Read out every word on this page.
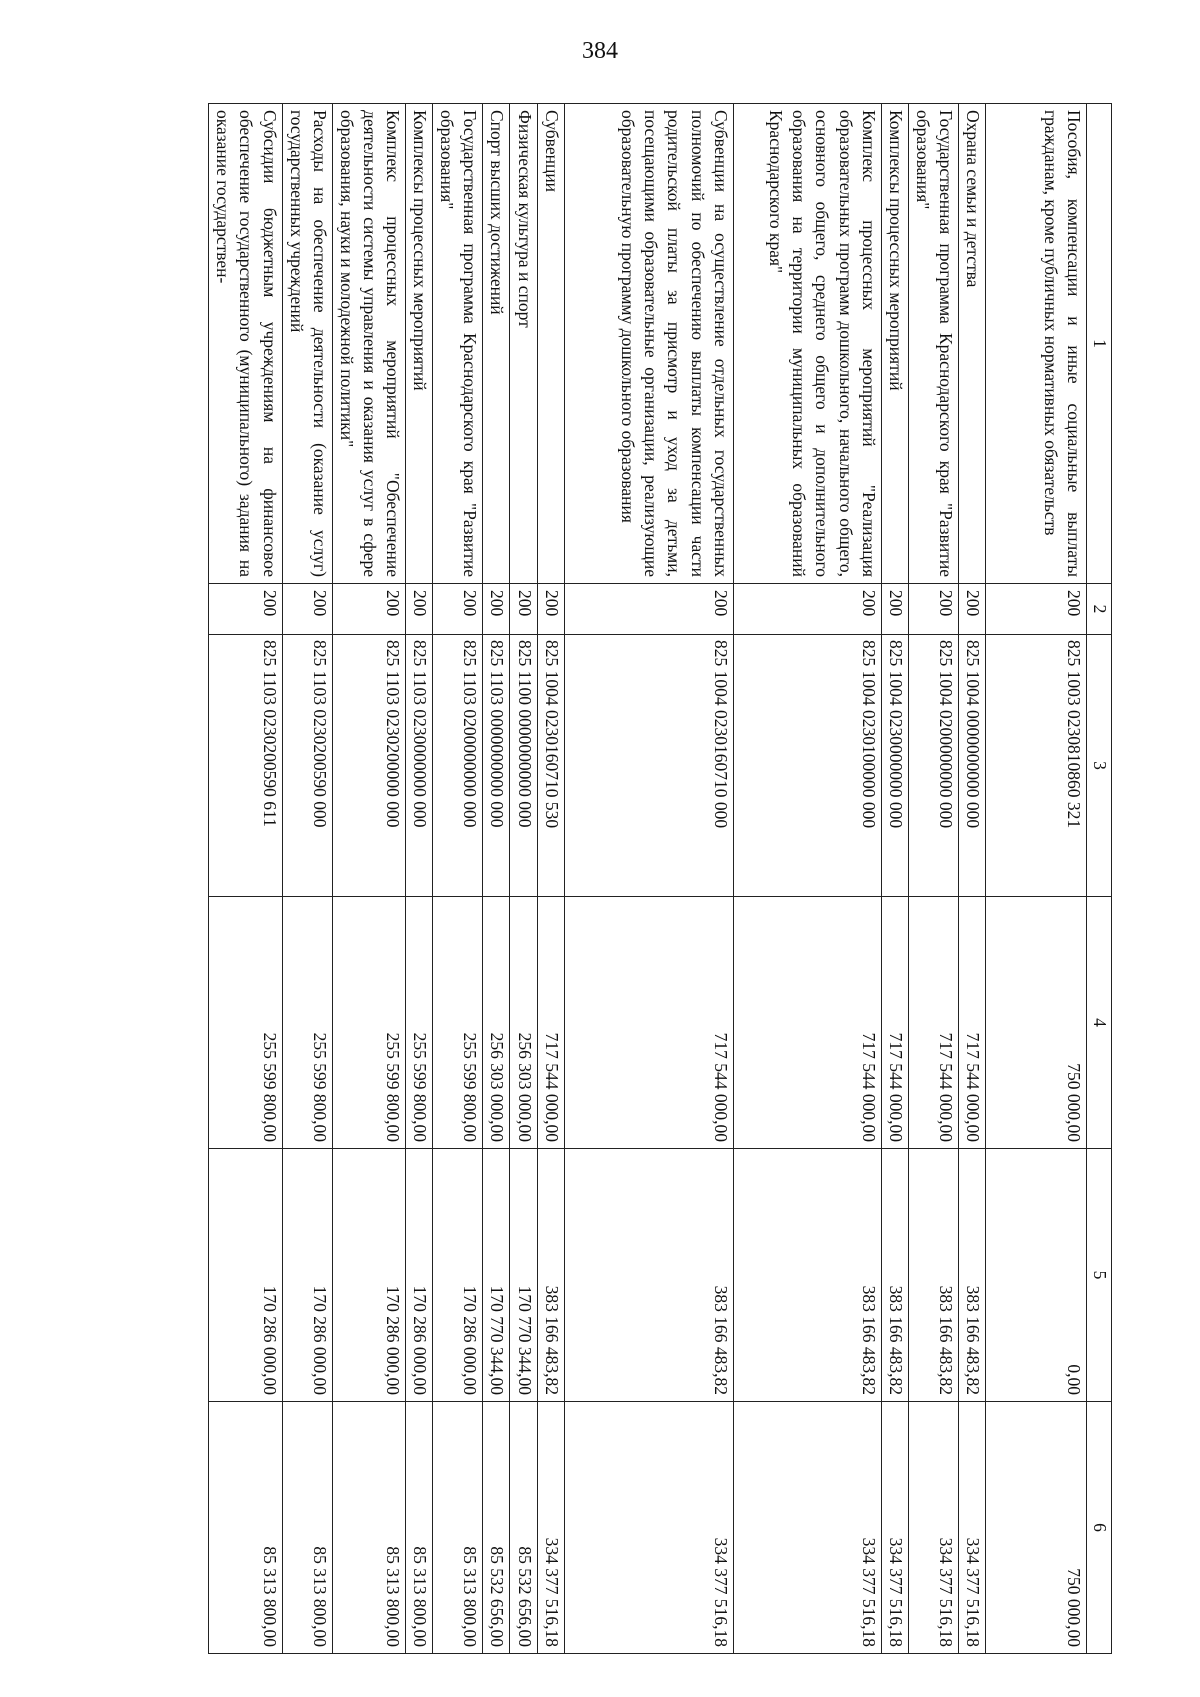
384
1	2	3	4	5	6
Пособия, компенсации и иные социальные выплаты гражданам, кроме публичных нормативных обязательств	200	825 1003 0230810860 321	750 000,00	0,00	750 000,00
Охрана семьи и детства	200	825 1004 0000000000 000	717 544 000,00	383 166 483,82	334 377 516,18
Государственная программа Краснодарского края "Развитие образования"	200	825 1004 0200000000 000	717 544 000,00	383 166 483,82	334 377 516,18
Комплексы процессных мероприятий	200	825 1004 0230000000 000	717 544 000,00	383 166 483,82	334 377 516,18
Комплекс процессных мероприятий "Реализация образовательных программ дошкольного, начального общего, основного общего, среднего общего и дополнительного образования на территории муниципальных образований Краснодарского края"	200	825 1004 0230100000 000	717 544 000,00	383 166 483,82	334 377 516,18
Субвенции на осуществление отдельных государственных полномочий по обеспечению выплаты компенсации части родительской платы за присмотр и уход за детьми, посещающими образовательные организации, реализующие образовательную программу дошкольного образования	200	825 1004 0230160710 000	717 544 000,00	383 166 483,82	334 377 516,18
Субвенции	200	825 1004 0230160710 530	717 544 000,00	383 166 483,82	334 377 516,18
Физическая культура и спорт	200	825 1100 0000000000 000	256 303 000,00	170 770 344,00	85 532 656,00
Спорт высших достижений	200	825 1103 0000000000 000	256 303 000,00	170 770 344,00	85 532 656,00
Государственная программа Краснодарского края "Развитие образования"	200	825 1103 0200000000 000	255 599 800,00	170 286 000,00	85 313 800,00
Комплексы процессных мероприятий	200	825 1103 0230000000 000	255 599 800,00	170 286 000,00	85 313 800,00
Комплекс процессных мероприятий "Обеспечение деятельности системы управления и оказания услуг в сфере образования, науки и молодежной политики"	200	825 1103 0230200000 000	255 599 800,00	170 286 000,00	85 313 800,00
Расходы на обеспечение деятельности (оказание услуг) государственных учреждений	200	825 1103 0230200590 000	255 599 800,00	170 286 000,00	85 313 800,00
Субсидии бюджетным учреждениям на финансовое обеспечение государственного (муниципального) задания на оказание государствен-	200	825 1103 0230200590 611	255 599 800,00	170 286 000,00	85 313 800,00
